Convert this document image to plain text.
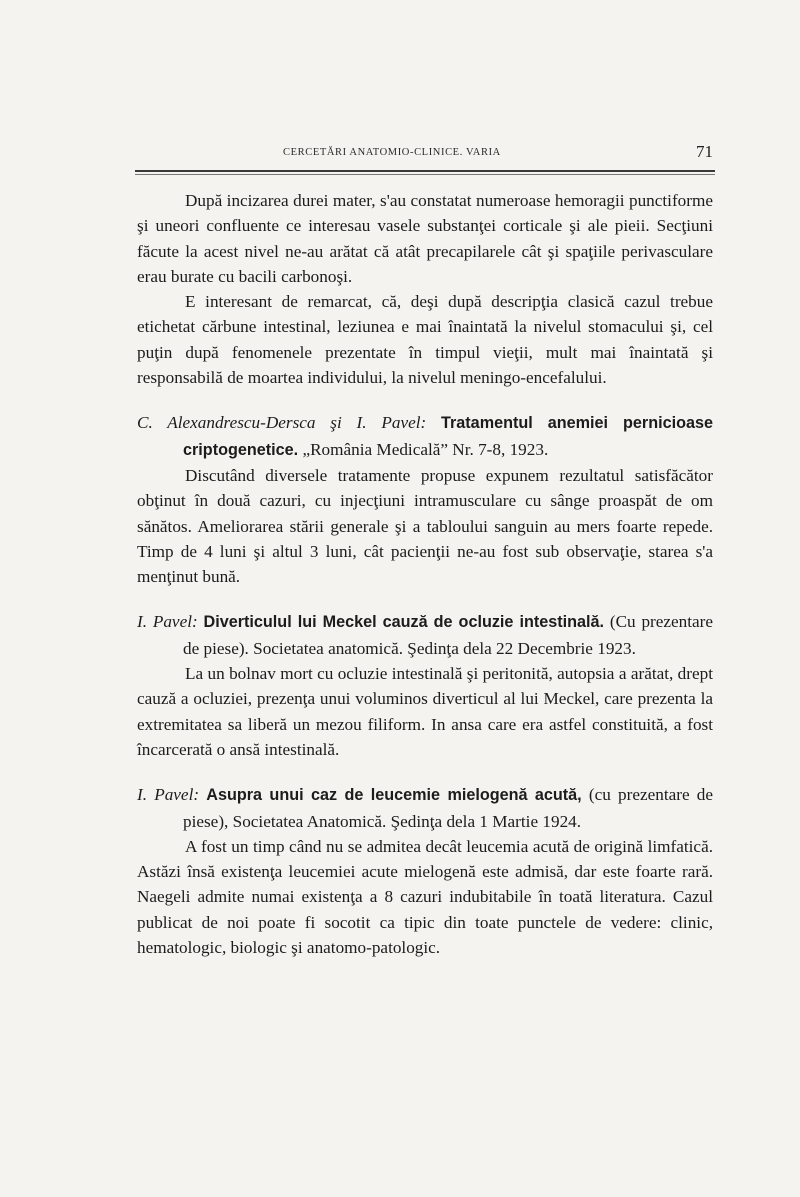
CERCETĂRI ANATOMIO-CLINICE. VARIA	71

După incizarea durei mater, s'au constatat numeroase hemoragii punctiforme şi uneori confluente ce interesau vasele substanţei corticale şi ale pieii. Secţiuni făcute la acest nivel ne-au arătat că atât precapilarele cât şi spaţiile perivasculare erau burate cu bacili carbonoşi.

E interesant de remarcat, că, deşi după descripţia clasică cazul trebue etichetat cărbune intestinal, leziunea e mai înaintată la nivelul stomacului şi, cel puţin după fenomenele prezentate în timpul vieţii, mult mai înaintată şi responsabilă de moartea individului, la nivelul meningo-encefalului.

C. Alexandrescu-Dersca şi I. Pavel: Tratamentul anemiei pernicioase criptogenetice. „România Medicală” Nr. 7-8, 1923.

Discutând diversele tratamente propuse expunem rezultatul satisfăcător obţinut în două cazuri, cu injecţiuni intramusculare cu sânge proaspăt de om sănătos. Ameliorarea stării generale şi a tabloului sanguin au mers foarte repede. Timp de 4 luni şi altul 3 luni, cât pacienţii ne-au fost sub observaţie, starea s'a menţinut bună.

I. Pavel: Diverticulul lui Meckel cauză de ocluzie intestinală. (Cu prezentare de piese). Societatea anatomică. Şedinţa dela 22 Decembrie 1923.

La un bolnav mort cu ocluzie intestinală şi peritonită, autopsia a arătat, drept cauză a ocluziei, prezenţa unui voluminos diverticul al lui Meckel, care prezenta la extremitatea sa liberă un mezou filiform. In ansa care era astfel constituită, a fost încarcerată o ansă intestinală.

I. Pavel: Asupra unui caz de leucemie mielogenă acută, (cu prezentare de piese), Societatea Anatomică. Şedinţa dela 1 Martie 1924.

A fost un timp când nu se admitea decât leucemia acută de origină limfatică. Astăzi însă existenţa leucemiei acute mielogenă este admisă, dar este foarte rară. Naegeli admite numai existenţa a 8 cazuri indubitabile în toată literatura. Cazul publicat de noi poate fi socotit ca tipic din toate punctele de vedere: clinic, hematologic, biologic şi anatomo-patologic.
